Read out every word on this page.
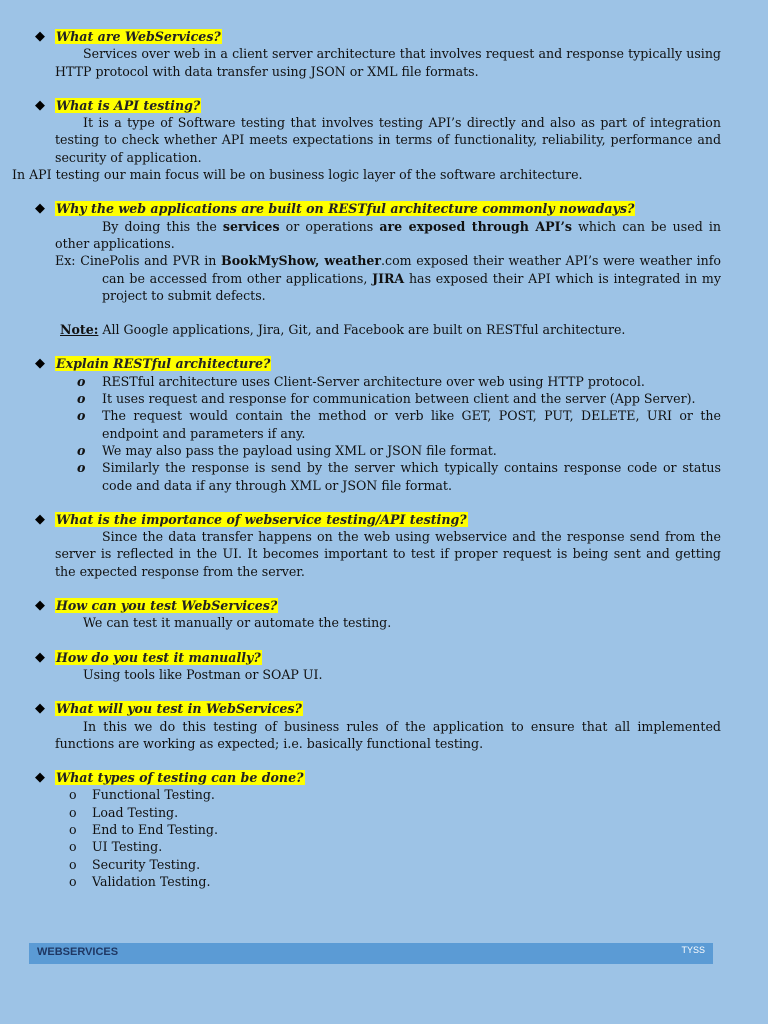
◆ What are WebServices?
Services over web in a client server architecture that involves request and response typically using HTTP protocol with data transfer using JSON or XML file formats.
◆ What is API testing?
It is a type of Software testing that involves testing API’s directly and also as part of integration testing to check whether API meets expectations in terms of functionality, reliability, performance and security of application.
In API testing our main focus will be on business logic layer of the software architecture.
◆ Why the web applications are built on RESTful architecture commonly nowadays?
By doing this the services or operations are exposed through API’s which can be used in other applications.
Ex: CinePolis and PVR in BookMyShow, weather.com exposed their weather API’s were weather info can be accessed from other applications, JIRA has exposed their API which is integrated in my project to submit defects.
Note: All Google applications, Jira, Git, and Facebook are built on RESTful architecture.
◆ Explain RESTful architecture?
o RESTful architecture uses Client-Server architecture over web using HTTP protocol.
o It uses request and response for communication between client and the server (App Server).
o The request would contain the method or verb like GET, POST, PUT, DELETE, URI or the endpoint and parameters if any.
o We may also pass the payload using XML or JSON file format.
o Similarly the response is send by the server which typically contains response code or status code and data if any through XML or JSON file format.
◆ What is the importance of webservice testing/API testing?
Since the data transfer happens on the web using webservice and the response send from the server is reflected in the UI. It becomes important to test if proper request is being sent and getting the expected response from the server.
◆ How can you test WebServices?
We can test it manually or automate the testing.
◆ How do you test it manually?
Using tools like Postman or SOAP UI.
◆ What will you test in WebServices?
In this we do this testing of business rules of the application to ensure that all implemented functions are working as expected; i.e. basically functional testing.
◆ What types of testing can be done?
o Functional Testing.
o Load Testing.
o End to End Testing.
o UI Testing.
o Security Testing.
o Validation Testing.
WEBSERVICES	TYSS
